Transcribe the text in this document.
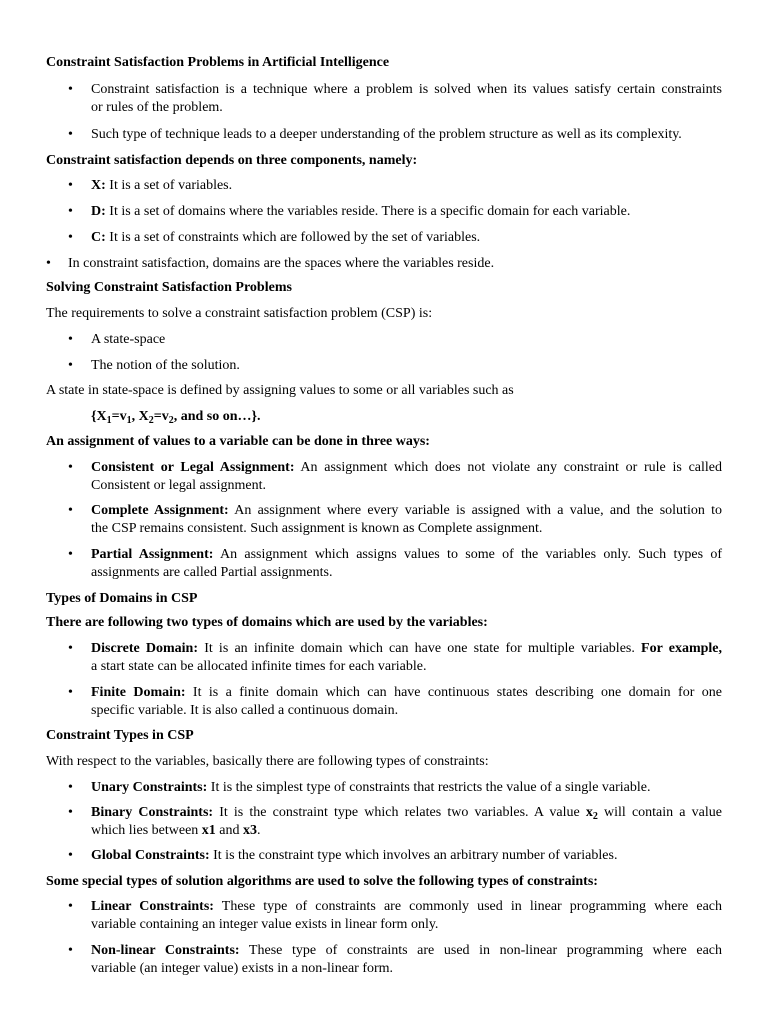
Constraint Satisfaction Problems in Artificial Intelligence
• Constraint satisfaction is a technique where a problem is solved when its values satisfy certain constraints
or rules of the problem.
• Such type of technique leads to a deeper understanding of the problem structure as well as its complexity.
Constraint satisfaction depends on three components, namely:
• X: It is a set of variables.
• D: It is a set of domains where the variables reside. There is a specific domain for each variable.
• C: It is a set of constraints which are followed by the set of variables.
• In constraint satisfaction, domains are the spaces where the variables reside.
Solving Constraint Satisfaction Problems
The requirements to solve a constraint satisfaction problem (CSP) is:
• A state-space
• The notion of the solution.
A state in state-space is defined by assigning values to some or all variables such as
{$X_1=v_1$, $X_2=v_2$, and so on…}.
An assignment of values to a variable can be done in three ways:
• Consistent or Legal Assignment: An assignment which does not violate any constraint or rule is called
Consistent or legal assignment.
• Complete Assignment: An assignment where every variable is assigned with a value, and the solution to
the CSP remains consistent. Such assignment is known as Complete assignment.
• Partial Assignment: An assignment which assigns values to some of the variables only. Such types of
assignments are called Partial assignments.
Types of Domains in CSP
There are following two types of domains which are used by the variables:
• Discrete Domain: It is an infinite domain which can have one state for multiple variables. For example,
a start state can be allocated infinite times for each variable.
• Finite Domain: It is a finite domain which can have continuous states describing one domain for one
specific variable. It is also called a continuous domain.
Constraint Types in CSP
With respect to the variables, basically there are following types of constraints:
• Unary Constraints: It is the simplest type of constraints that restricts the value of a single variable.
• Binary Constraints: It is the constraint type which relates two variables. A value $x_2$ will contain a value
which lies between x1 and x3.
• Global Constraints: It is the constraint type which involves an arbitrary number of variables.
Some special types of solution algorithms are used to solve the following types of constraints:
• Linear Constraints: These type of constraints are commonly used in linear programming where each
variable containing an integer value exists in linear form only.
• Non-linear Constraints: These type of constraints are used in non-linear programming where each
variable (an integer value) exists in a non-linear form.
